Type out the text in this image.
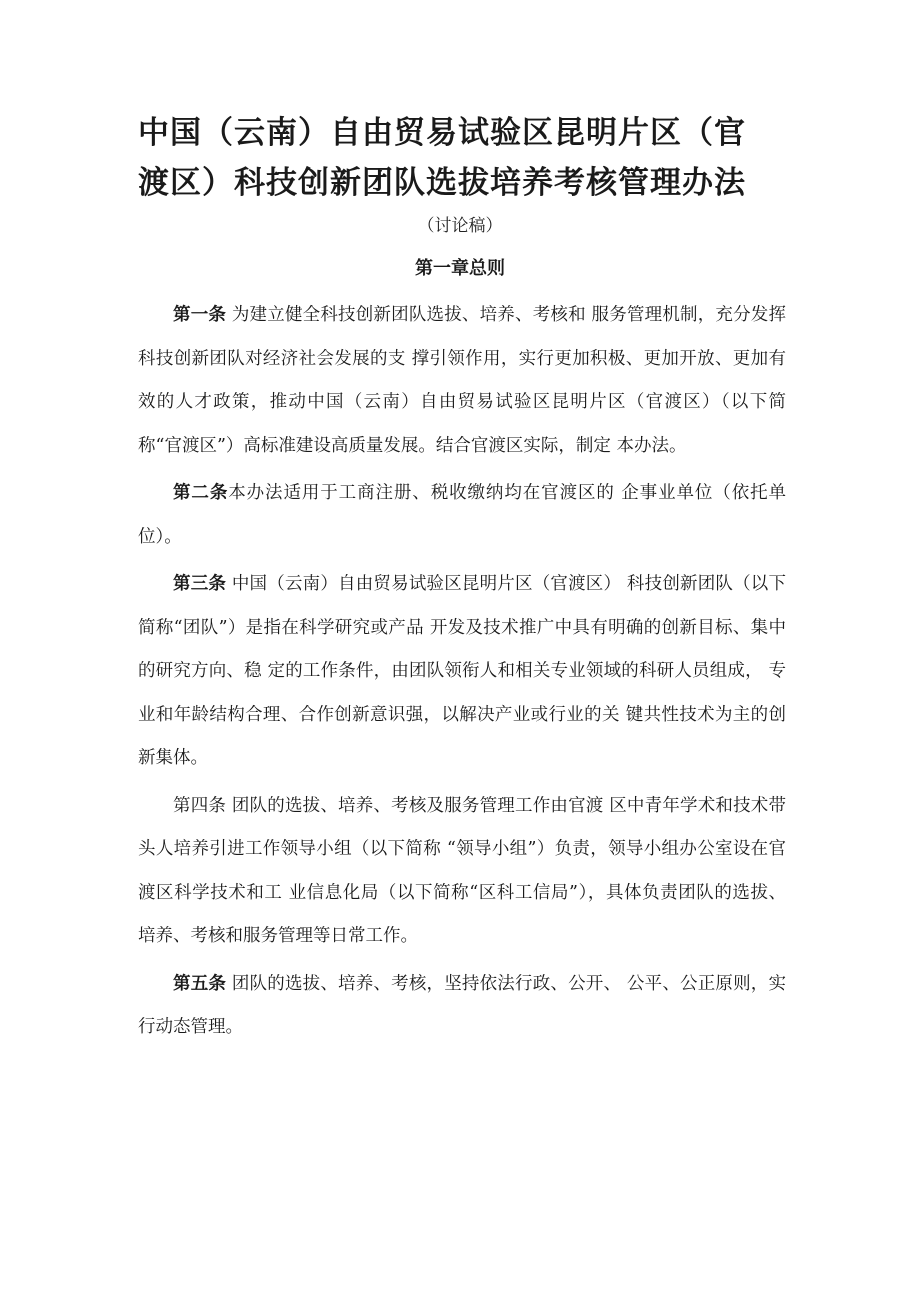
中国（云南）自由贸易试验区昆明片区（官
渡区）科技创新团队选拔培养考核管理办法
（讨论稿）
第一章总则

第一条 为建立健全科技创新团队选拔、培养、考核和 服务管理机制，充分发挥科技创新团队对经济社会发展的支 撑引领作用，实行更加积极、更加开放、更加有效的人才政策，推动中国（云南）自由贸易试验区昆明片区（官渡区）（以下简 称“官渡区”）高标准建设高质量发展。结合官渡区实际，制定 本办法。

第二条本办法适用于工商注册、税收缴纳均在官渡区的 企事业单位（依托单位）。

第三条 中国（云南）自由贸易试验区昆明片区（官渡区） 科技创新团队（以下简称“团队”）是指在科学研究或产品 开发及技术推广中具有明确的创新目标、集中的研究方向、稳 定的工作条件，由团队领衔人和相关专业领域的科研人员组成， 专业和年龄结构合理、合作创新意识强，以解决产业或行业的关 键共性技术为主的创新集体。

第四条 团队的选拔、培养、考核及服务管理工作由官渡 区中青年学术和技术带头人培养引进工作领导小组（以下简称 “领导小组”）负责，领导小组办公室设在官渡区科学技术和工 业信息化局（以下简称“区科工信局”），具体负责团队的选拔、 培养、考核和服务管理等日常工作。

第五条 团队的选拔、培养、考核，坚持依法行政、公开、 公平、公正原则，实行动态管理。
